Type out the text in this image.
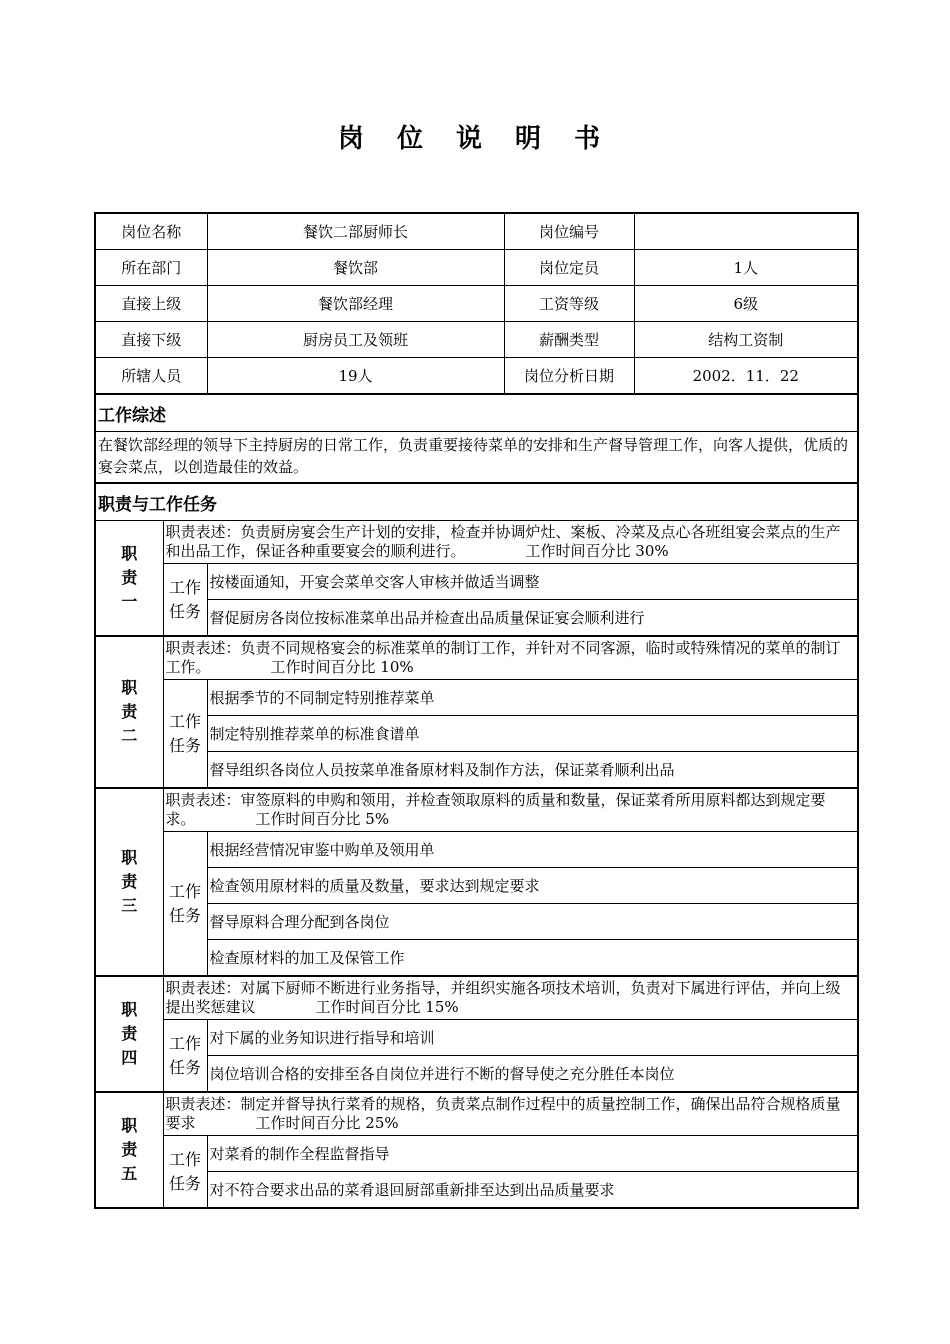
岗 位 说 明 书
岗位名称		餐饮二部厨师长	岗位编号	
所在部门		餐饮部	岗位定员	1人
直接上级		餐饮部经理	工资等级	6级
直接下级		厨房员工及领班	薪酬类型	结构工资制
所辖人员		19人	岗位分析日期	2002．11．22
工作综述				
在餐饮部经理的领导下主持厨房的日常工作，负责重要接待菜单的安排和生产督导管理工作，向客人提供，优质的宴会菜点，以创造最佳的效益。				
职责与工作任务				
职责一	职责表述：负责厨房宴会生产计划的安排，检查并协调炉灶、案板、冷菜及点心各班组宴会菜点的生产和出品工作，保证各种重要宴会的顺利进行。 工作时间百分比 30%			
	工作任务	按楼面通知，开宴会菜单交客人审核并做适当调整		
		督促厨房各岗位按标准菜单出品并检查出品质量保证宴会顺利进行		
职责二	职责表述：负责不同规格宴会的标准菜单的制订工作，并针对不同客源，临时或特殊情况的菜单的制订工作。 工作时间百分比 10%			
	工作任务	根据季节的不同制定特别推荐菜单		
		制定特别推荐菜单的标准食谱单		
		督导组织各岗位人员按菜单准备原材料及制作方法，保证菜肴顺利出品		
职责三	职责表述：审签原料的申购和领用，并检查领取原料的质量和数量，保证菜肴所用原料都达到规定要求。 工作时间百分比 5%			
	工作任务	根据经营情况审鉴中购单及领用单		
		检查领用原材料的质量及数量，要求达到规定要求		
		督导原料合理分配到各岗位		
		检查原材料的加工及保管工作		
职责四	职责表述：对属下厨师不断进行业务指导，并组织实施各项技术培训，负责对下属进行评估，并向上级提出奖惩建议 工作时间百分比 15%			
	工作任务	对下属的业务知识进行指导和培训		
		岗位培训合格的安排至各自岗位并进行不断的督导使之充分胜任本岗位		
职责五	职责表述：制定并督导执行菜肴的规格，负责菜点制作过程中的质量控制工作，确保出品符合规格质量要求 工作时间百分比 25%			
	工作任务	对菜肴的制作全程监督指导		
		对不符合要求出品的菜肴退回厨部重新排至达到出品质量要求		
